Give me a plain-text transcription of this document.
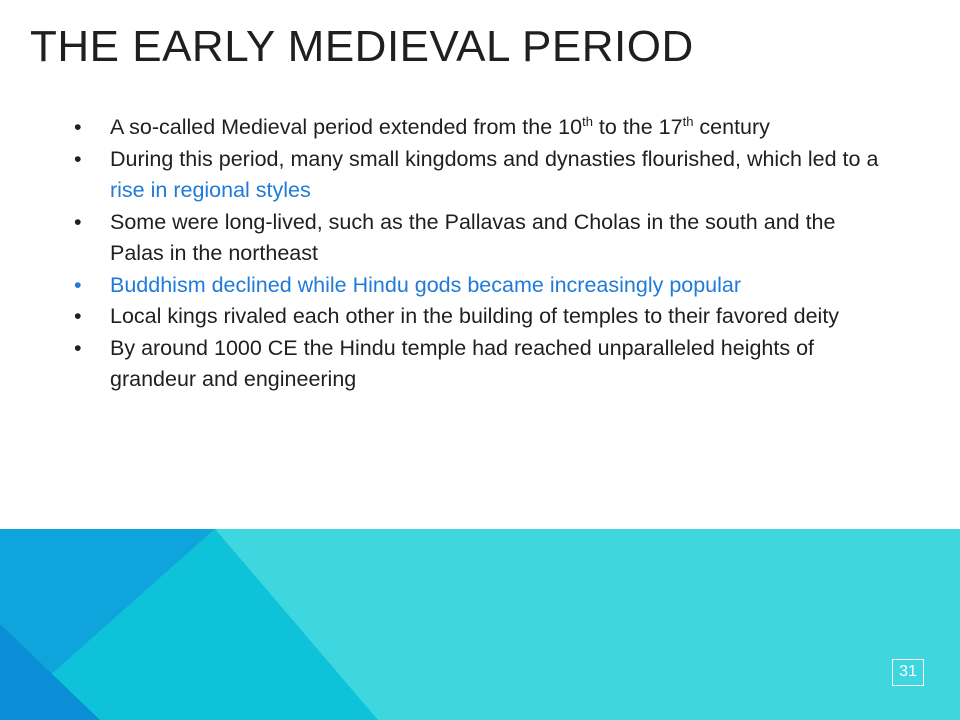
THE EARLY MEDIEVAL PERIOD
• A so-called Medieval period extended from the 10th to the 17th century
• During this period, many small kingdoms and dynasties flourished, which led to a rise in regional styles
• Some were long-lived, such as the Pallavas and Cholas in the south and the Palas in the northeast
• Buddhism declined while Hindu gods became increasingly popular
• Local kings rivaled each other in the building of temples to their favored deity
• By around 1000 CE the Hindu temple had reached unparalleled heights of grandeur and engineering
31
